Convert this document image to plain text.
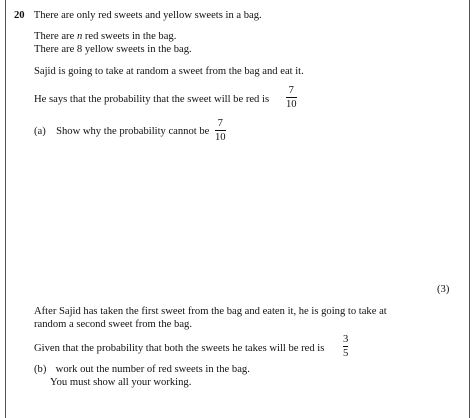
20 There are only red sweets and yellow sweets in a bag.
There are n red sweets in the bag.
There are 8 yellow sweets in the bag.
Sajid is going to take at random a sweet from the bag and eat it.
He says that the probability that the sweet will be red is
7
10
(a) Show why the probability cannot be
7
10
(3)
After Sajid has taken the first sweet from the bag and eaten it, he is going to take at
random a second sweet from the bag.
Given that the probability that both the sweets he takes will be red is
3
5
(b) work out the number of red sweets in the bag.
You must show all your working.
